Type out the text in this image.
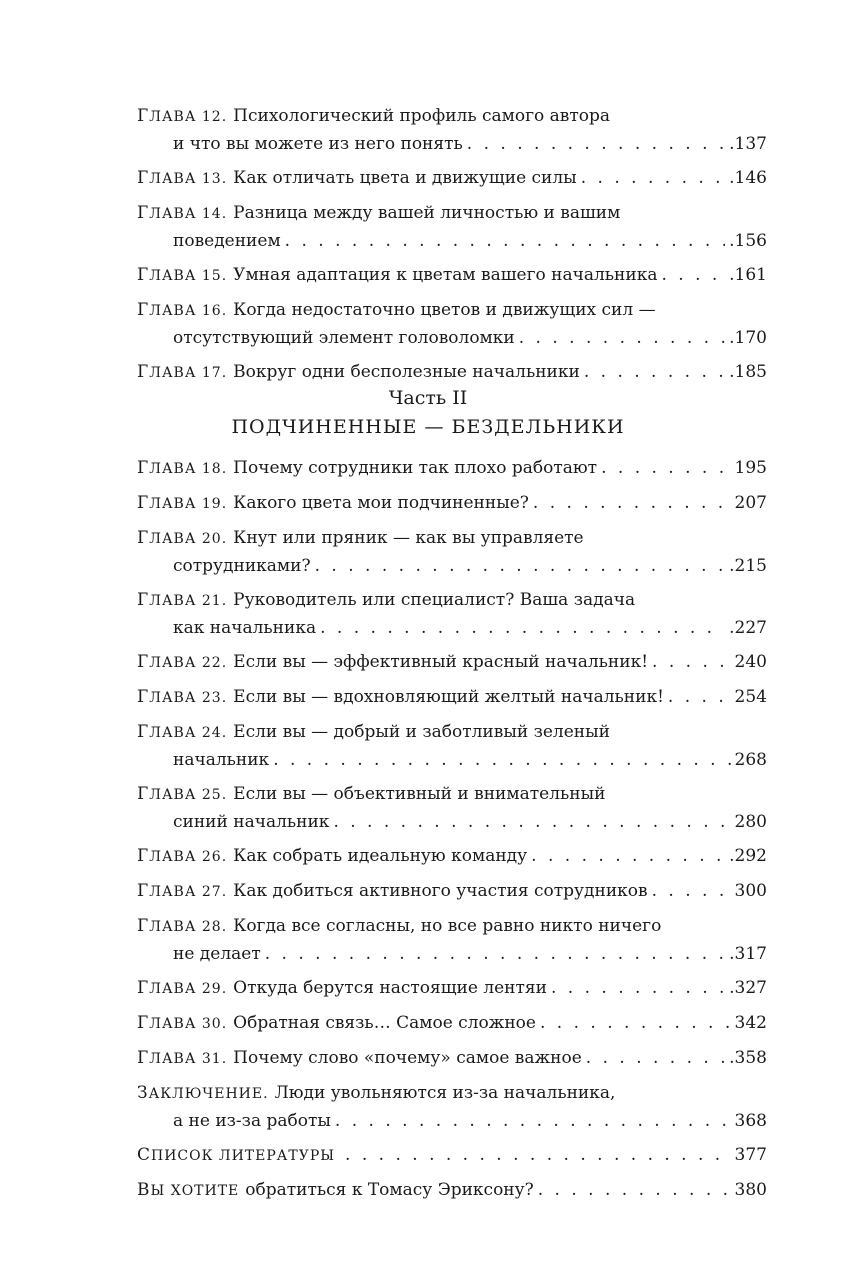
ГЛАВА 12. Психологический профиль самого автора
и что вы можете из него понять . . .	.137
ГЛАВА 13. Как отличать цвета и движущие силы . . .	.146
ГЛАВА 14. Разница между вашей личностью и вашим
поведением . . .	.156
ГЛАВА 15. Умная адаптация к цветам вашего начальника . . .	.161
ГЛАВА 16. Когда недостаточно цветов и движущих сил —
отсутствующий элемент головоломки . . .	.170
ГЛАВА 17. Вокруг одни бесполезные начальники . . .	.185
Часть II
ПОДЧИНЕННЫЕ — БЕЗДЕЛЬНИКИ
ГЛАВА 18. Почему сотрудники так плохо работают . . .	195
ГЛАВА 19. Какого цвета мои подчиненные? . . .	207
ГЛАВА 20. Кнут или пряник — как вы управляете
сотрудниками? . . .	.215
ГЛАВА 21. Руководитель или специалист? Ваша задача
как начальника . . .	.227
ГЛАВА 22. Если вы — эффективный красный начальник! . . .	240
ГЛАВА 23. Если вы — вдохновляющий желтый начальник! . . .	254
ГЛАВА 24. Если вы — добрый и заботливый зеленый
начальник . . .	268
ГЛАВА 25. Если вы — объективный и внимательный
синий начальник . . .	280
ГЛАВА 26. Как собрать идеальную команду . . .	.292
ГЛАВА 27. Как добиться активного участия сотрудников . . .	300
ГЛАВА 28. Когда все согласны, но все равно никто ничего
не делает . . .	.317
ГЛАВА 29. Откуда берутся настоящие лентяи . . .	.327
ГЛАВА 30. Обратная связь… Самое сложное . . .	342
ГЛАВА 31. Почему слово «почему» самое важное . . .	.358
ЗАКЛЮЧЕНИЕ. Люди увольняются из-за начальника,
а не из-за работы . . .	368
СПИСОК ЛИТЕРАТУРЫ . . .	377
ВЫ ХОТИТЕ обратиться к Томасу Эриксону? . . .	380
